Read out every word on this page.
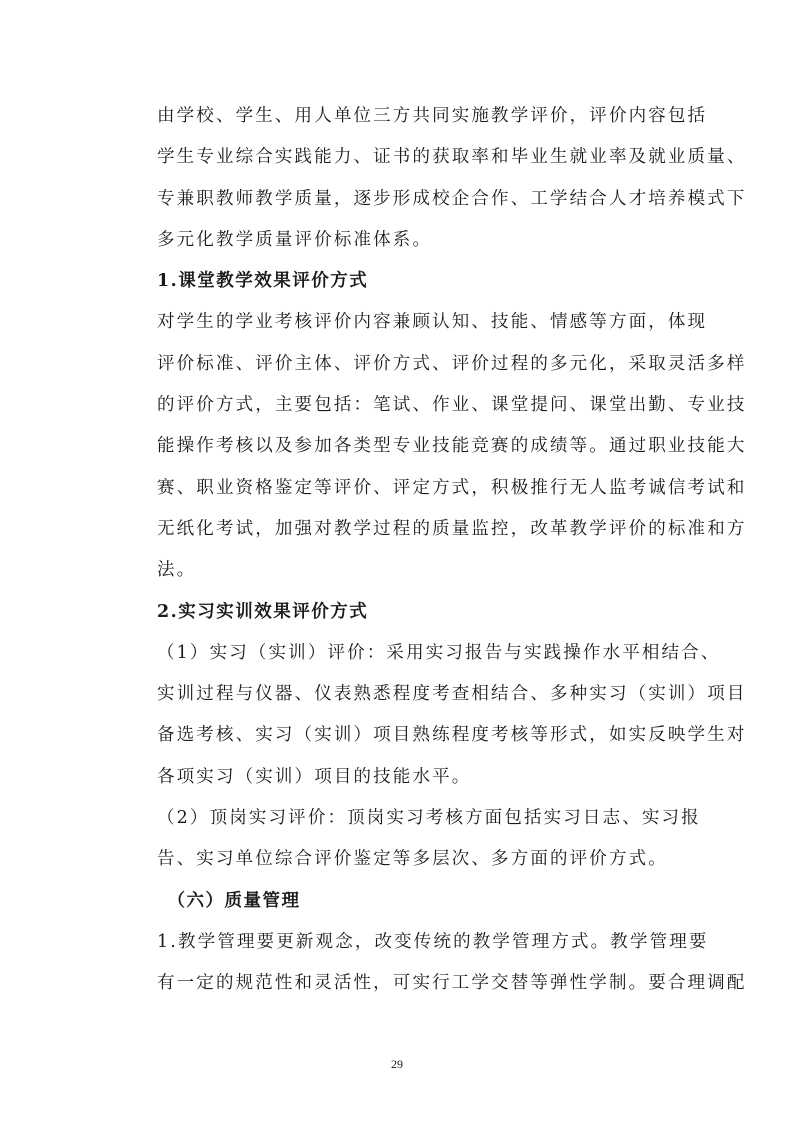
由学校、学生、用人单位三方共同实施教学评价，评价内容包括
学生专业综合实践能力、证书的获取率和毕业生就业率及就业质量、
专兼职教师教学质量，逐步形成校企合作、工学结合人才培养模式下
多元化教学质量评价标准体系。

1.课堂教学效果评价方式

对学生的学业考核评价内容兼顾认知、技能、情感等方面，体现
评价标准、评价主体、评价方式、评价过程的多元化，采取灵活多样
的评价方式，主要包括：笔试、作业、课堂提问、课堂出勤、专业技
能操作考核以及参加各类型专业技能竞赛的成绩等。通过职业技能大
赛、职业资格鉴定等评价、评定方式，积极推行无人监考诚信考试和
无纸化考试，加强对教学过程的质量监控，改革教学评价的标准和方
法。

2.实习实训效果评价方式

（1）实习（实训）评价：采用实习报告与实践操作水平相结合、
实训过程与仪器、仪表熟悉程度考查相结合、多种实习（实训）项目
备选考核、实习（实训）项目熟练程度考核等形式，如实反映学生对
各项实习（实训）项目的技能水平。

（2）顶岗实习评价：顶岗实习考核方面包括实习日志、实习报
告、实习单位综合评价鉴定等多层次、多方面的评价方式。

（六）质量管理

1.教学管理要更新观念，改变传统的教学管理方式。教学管理要
有一定的规范性和灵活性，可实行工学交替等弹性学制。要合理调配

29
